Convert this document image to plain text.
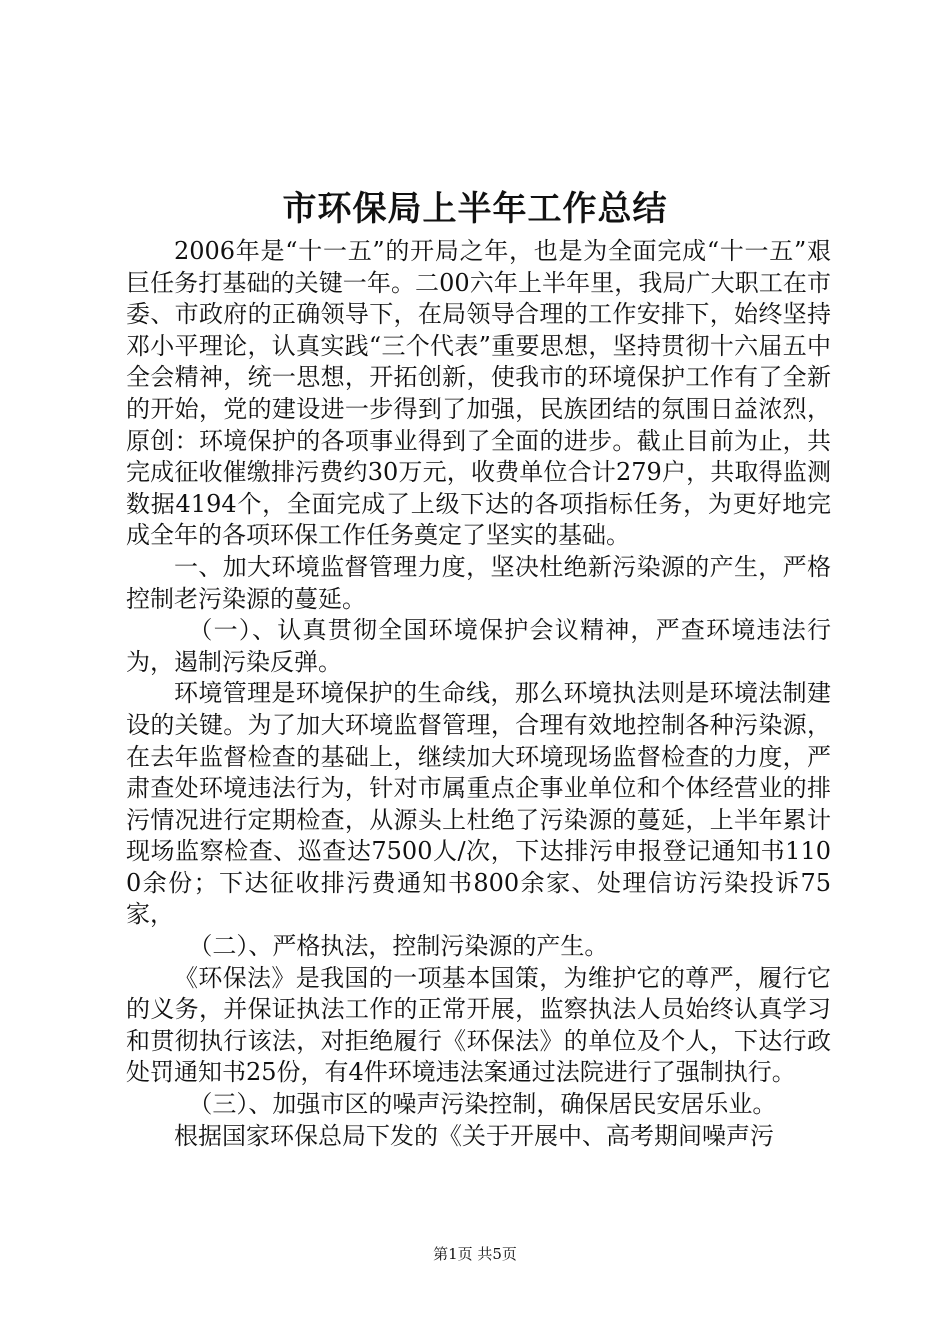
市环保局上半年工作总结

2006年是“十一五”的开局之年，也是为全面完成“十一五”艰巨任务打基础的关键一年。二00六年上半年里，我局广大职工在市委、市政府的正确领导下，在局领导合理的工作安排下，始终坚持邓小平理论，认真实践“三个代表”重要思想，坚持贯彻十六届五中全会精神，统一思想，开拓创新，使我市的环境保护工作有了全新的开始，党的建设进一步得到了加强，民族团结的氛围日益浓烈，原创：环境保护的各项事业得到了全面的进步。截止目前为止，共完成征收催缴排污费约30万元，收费单位合计279户，共取得监测数据4194个，全面完成了上级下达的各项指标任务，为更好地完成全年的各项环保工作任务奠定了坚实的基础。

一、加大环境监督管理力度，坚决杜绝新污染源的产生，严格控制老污染源的蔓延。

（一）、认真贯彻全国环境保护会议精神，严查环境违法行为，遏制污染反弹。

环境管理是环境保护的生命线，那么环境执法则是环境法制建设的关键。为了加大环境监督管理，合理有效地控制各种污染源，在去年监督检查的基础上，继续加大环境现场监督检查的力度，严肃查处环境违法行为，针对市属重点企事业单位和个体经营业的排污情况进行定期检查，从源头上杜绝了污染源的蔓延，上半年累计现场监察检查、巡查达7500人/次，下达排污申报登记通知书1100余份；下达征收排污费通知书800余家、处理信访污染投诉75家，

（二）、严格执法，控制污染源的产生。

《环保法》是我国的一项基本国策，为维护它的尊严，履行它的义务，并保证执法工作的正常开展，监察执法人员始终认真学习和贯彻执行该法，对拒绝履行《环保法》的单位及个人，下达行政处罚通知书25份，有4件环境违法案通过法院进行了强制执行。

（三）、加强市区的噪声污染控制，确保居民安居乐业。

根据国家环保总局下发的《关于开展中、高考期间噪声污

第1页 共5页
